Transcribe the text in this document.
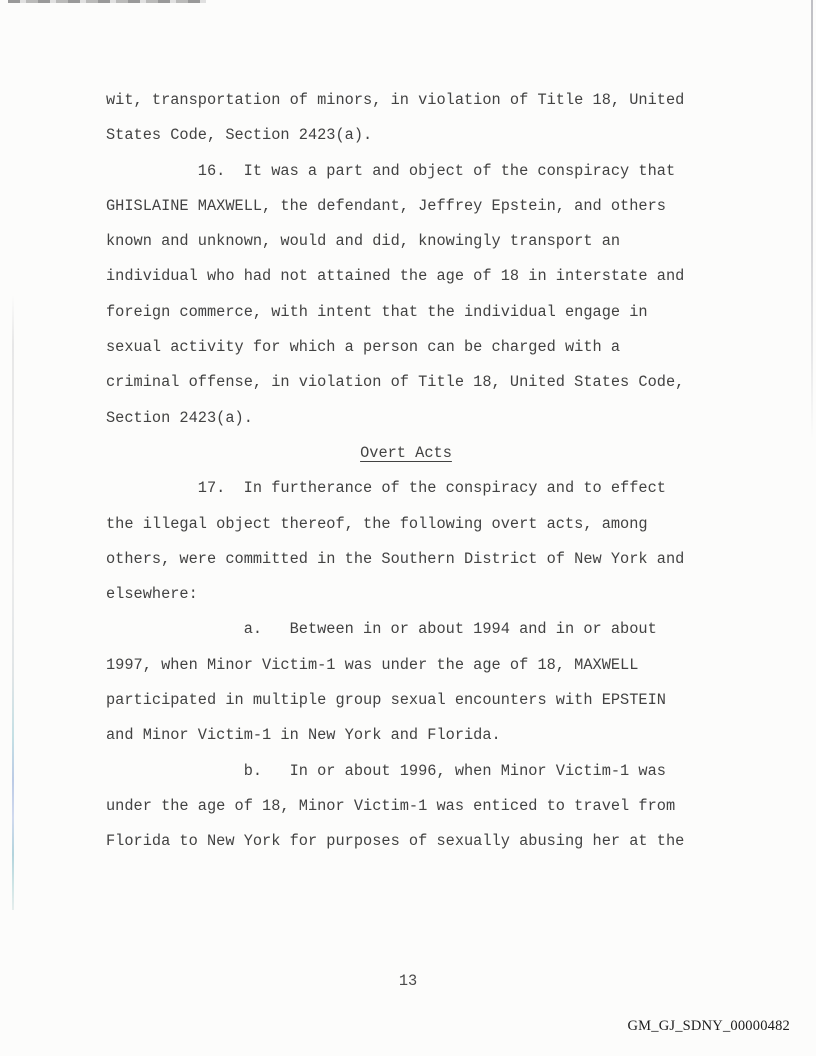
wit, transportation of minors, in violation of Title 18, United
States Code, Section 2423(a).
16.  It was a part and object of the conspiracy that
GHISLAINE MAXWELL, the defendant, Jeffrey Epstein, and others
known and unknown, would and did, knowingly transport an
individual who had not attained the age of 18 in interstate and
foreign commerce, with intent that the individual engage in
sexual activity for which a person can be charged with a
criminal offense, in violation of Title 18, United States Code,
Section 2423(a).
Overt Acts
17.  In furtherance of the conspiracy and to effect
the illegal object thereof, the following overt acts, among
others, were committed in the Southern District of New York and
elsewhere:
a.   Between in or about 1994 and in or about
1997, when Minor Victim-1 was under the age of 18, MAXWELL
participated in multiple group sexual encounters with EPSTEIN
and Minor Victim-1 in New York and Florida.
b.   In or about 1996, when Minor Victim-1 was
under the age of 18, Minor Victim-1 was enticed to travel from
Florida to New York for purposes of sexually abusing her at the
13
GM_GJ_SDNY_00000482
